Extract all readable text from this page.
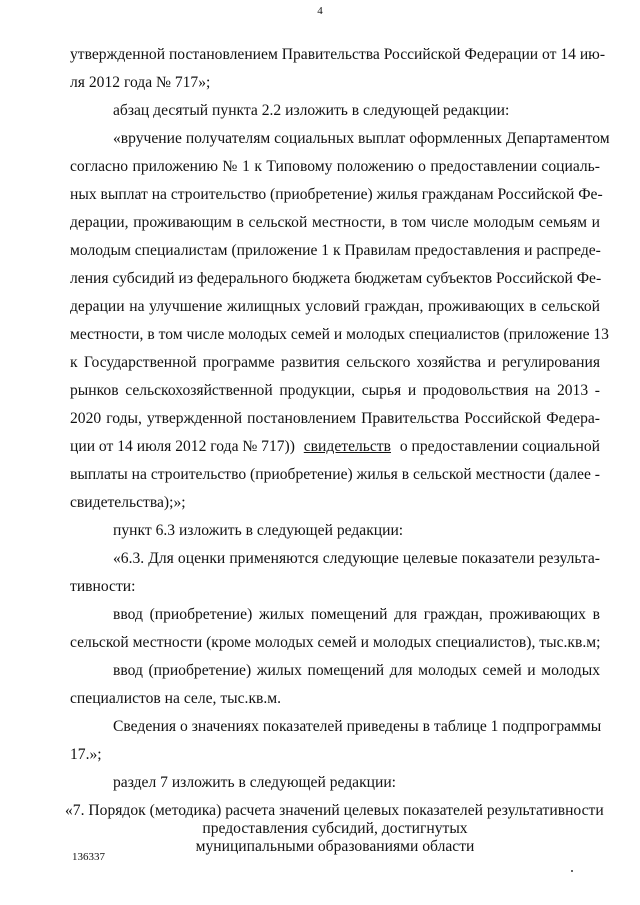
4
утвержденной постановлением Правительства Российской Федерации от 14 ию-
ля 2012 года № 717»;
абзац десятый пункта 2.2 изложить в следующей редакции:
«вручение получателям социальных выплат оформленных Департаментом
согласно приложению № 1 к Типовому положению о предоставлении социаль-
ных выплат на строительство (приобретение) жилья гражданам Российской Фе-
дерации, проживающим в сельской местности, в том числе молодым семьям и
молодым специалистам (приложение 1 к Правилам предоставления и распреде-
ления субсидий из федерального бюджета бюджетам субъектов Российской Фе-
дерации на улучшение жилищных условий граждан, проживающих в сельской
местности, в том числе молодых семей и молодых специалистов (приложение 13
к Государственной программе развития сельского хозяйства и регулирования
рынков сельскохозяйственной продукции, сырья и продовольствия на 2013 -
2020 годы, утвержденной постановлением Правительства Российской Федера-
ции от 14 июля 2012 года № 717)) свидетельств о предоставлении социальной
выплаты на строительство (приобретение) жилья в сельской местности (далее -
свидетельства);»;
пункт 6.3 изложить в следующей редакции:
«6.3. Для оценки применяются следующие целевые показатели результа-
тивности:
ввод (приобретение) жилых помещений для граждан, проживающих в
сельской местности (кроме молодых семей и молодых специалистов), тыс.кв.м;
ввод (приобретение) жилых помещений для молодых семей и молодых
специалистов на селе, тыс.кв.м.
Сведения о значениях показателей приведены в таблице 1 подпрограммы
17.»;
раздел 7 изложить в следующей редакции:
«7. Порядок (методика) расчета значений целевых показателей результативности
предоставления субсидий, достигнутых
муниципальными образованиями области
136337
